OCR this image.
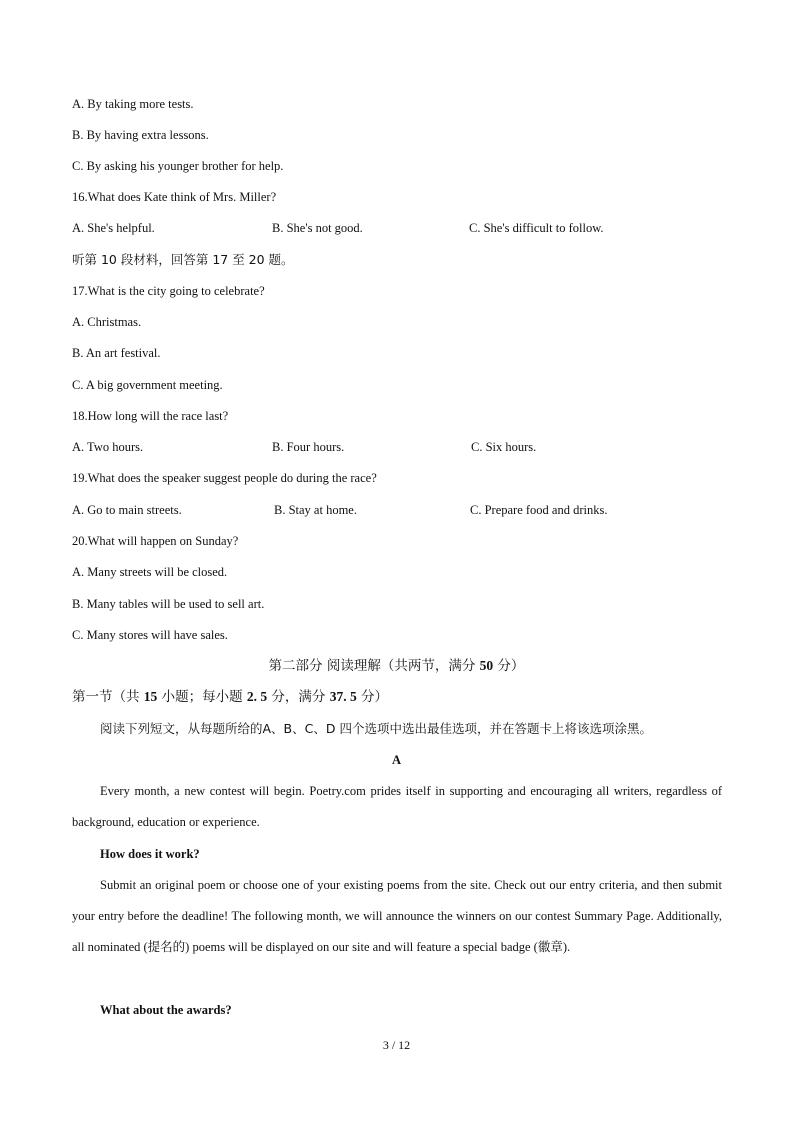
A. By taking more tests.
B. By having extra lessons.
C. By asking his younger brother for help.
16.What does Kate think of Mrs. Miller?
A. She's helpful.	B. She's not good.	C. She's difficult to follow.
听第 10 段材料，回答第 17 至 20 题。
17.What is the city going to celebrate?
A. Christmas.
B. An art festival.
C. A big government meeting.
18.How long will the race last?
A. Two hours.	B. Four hours.	C. Six hours.
19.What does the speaker suggest people do during the race?
A. Go to main streets.	B. Stay at home.	C. Prepare food and drinks.
20.What will happen on Sunday?
A. Many streets will be closed.
B. Many tables will be used to sell art.
C. Many stores will have sales.
第二部分 阅读理解（共两节，满分 50 分）
第一节（共 15 小题；每小题 2. 5 分，满分 37. 5 分）
阅读下列短文，从每题所给的A、B、C、D 四个选项中选出最佳选项，并在答题卡上将该选项涂黑。
A
Every month, a new contest will begin. Poetry.com prides itself in supporting and encouraging all writers, regardless of background, education or experience.
How does it work?
Submit an original poem or choose one of your existing poems from the site. Check out our entry criteria, and then submit your entry before the deadline! The following month, we will announce the winners on our contest Summary Page. Additionally, all nominated (提名的) poems will be displayed on our site and will feature a special badge (徽章).
What about the awards?
3 / 12
